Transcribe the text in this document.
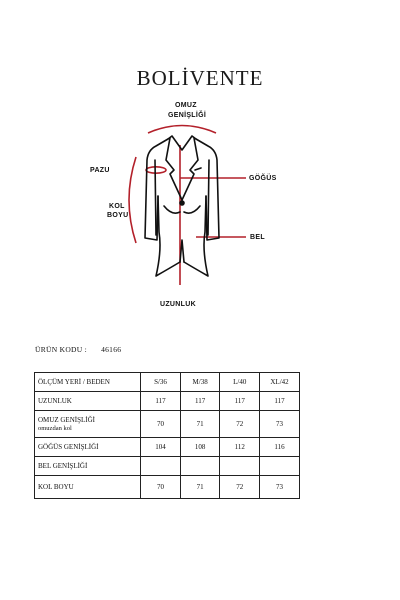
BOLİVENTE
OMUZ
GENİŞLİĞİ
PAZU
GÖĞÜS
KOL
BOYU
BEL
UZUNLUK
ÜRÜN KODU : 46166
ÖLÇÜM YERİ / BEDEN	S/36	M/38	L/40	XL/42
UZUNLUK	117	117	117	117
OMUZ GENİŞLİĞİ
omuzdan kol	70	71	72	73
GÖĞÜS GENİŞLİĞİ	104	108	112	116
BEL GENİŞLİĞİ				
KOL BOYU	70	71	72	73
